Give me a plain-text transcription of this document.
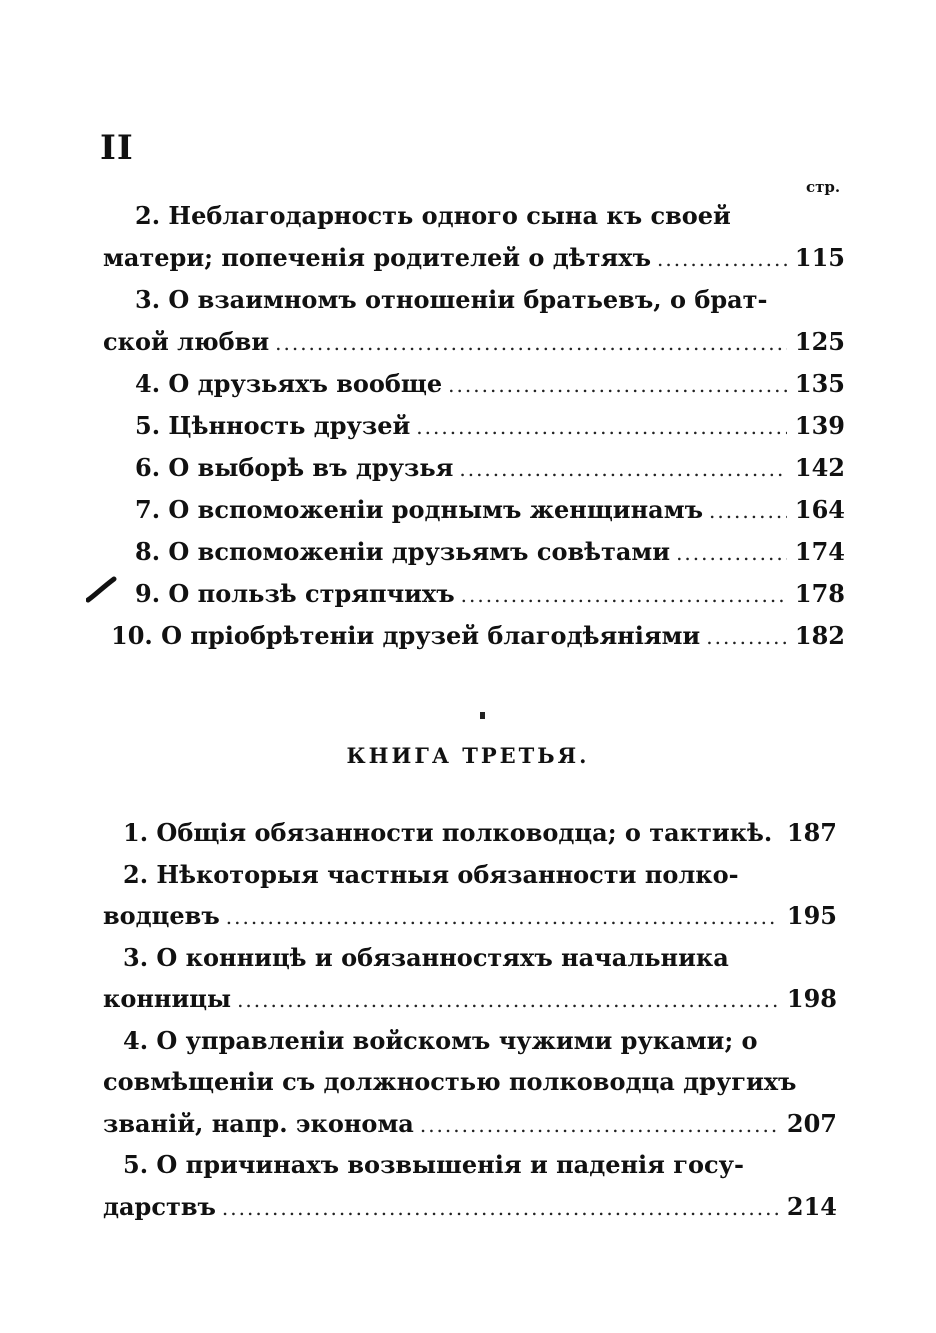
II
стр.
2. Неблагодарность одного сына къ своей
матери; попеченія родителей о дѣтяхъ .....	115
3. О взаимномъ отношеніи братьевъ, о брат-
ской любви .....	125
4. О друзьяхъ вообще .....	135
5. Цѣнность друзей .....	139
6. О выборѣ въ друзья .....	142
7. О вспоможеніи роднымъ женщинамъ .....	164
8. О вспоможеніи друзьямъ совѣтами .....	174
9. О пользѣ стряпчихъ .....	178
10. О пріобрѣтеніи друзей благодѣяніями .....	182
КНИГА ТРЕТЬЯ.
1. Общія обязанности полководца; о тактикѣ. 187
2. Нѣкоторыя частныя обязанности полко-
водцевъ .....	195
3. О конницѣ и обязанностяхъ начальника
конницы .....	198
4. О управленіи войскомъ чужими руками; о
совмѣщеніи съ должностью полководца другихъ
званій, напр. эконома .....	207
5. О причинахъ возвышенія и паденія госу-
дарствъ .....	214
